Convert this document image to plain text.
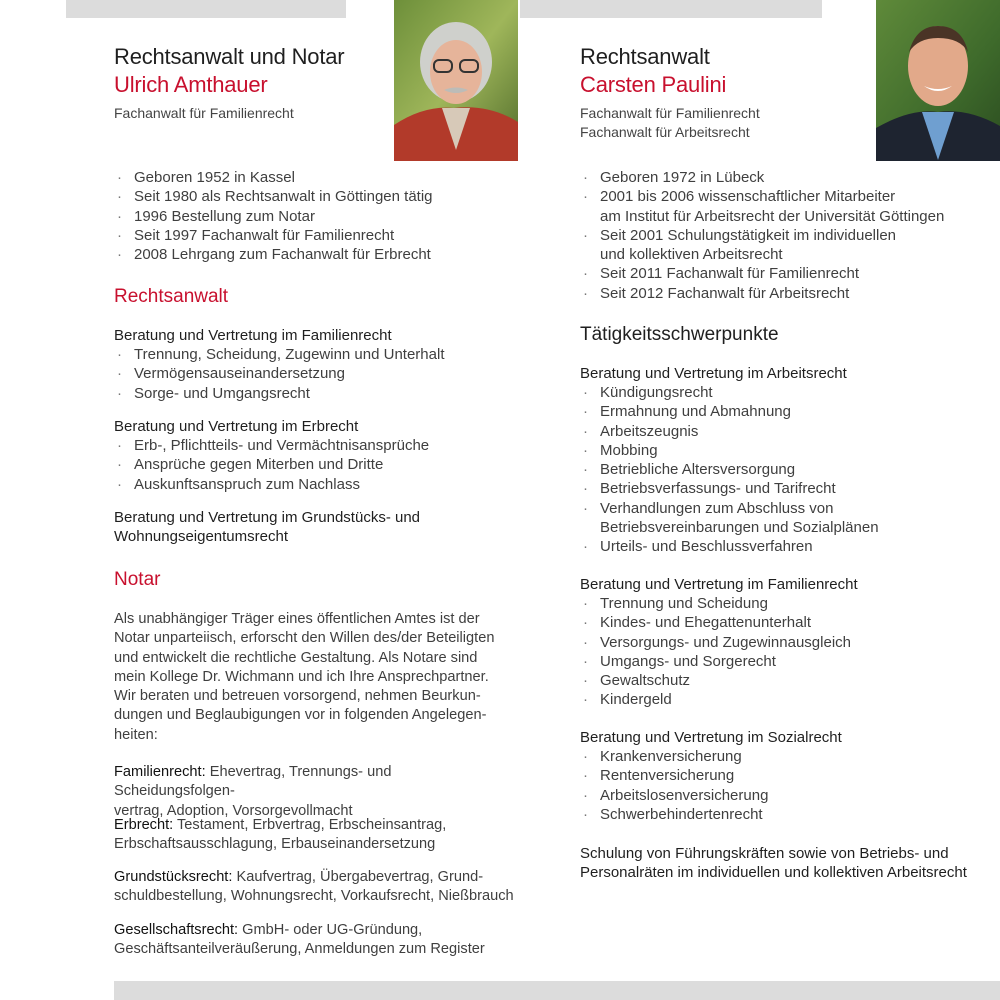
Rechtsanwalt und Notar
Ulrich Amthauer
Fachanwalt für Familienrecht
· Geboren 1952 in Kassel
· Seit 1980 als Rechtsanwalt in Göttingen tätig
· 1996 Bestellung zum Notar
· Seit 1997 Fachanwalt für Familienrecht
· 2008 Lehrgang zum Fachanwalt für Erbrecht
Rechtsanwalt
Beratung und Vertretung im Familienrecht
· Trennung, Scheidung, Zugewinn und Unterhalt
· Vermögensauseinandersetzung
· Sorge- und Umgangsrecht
Beratung und Vertretung im Erbrecht
· Erb-, Pflichtteils- und Vermächtnisansprüche
· Ansprüche gegen Miterben und Dritte
· Auskunftsanspruch zum Nachlass
Beratung und Vertretung im Grundstücks- und
Wohnungseigentumsrecht
Notar
Als unabhängiger Träger eines öffentlichen Amtes ist der
Notar unparteiisch, erforscht den Willen des/der Beteiligten
und entwickelt die rechtliche Gestaltung. Als Notare sind
mein Kollege Dr. Wichmann und ich Ihre Ansprechpartner.
Wir beraten und betreuen vorsorgend, nehmen Beurkun-
dungen und Beglaubigungen vor in folgenden Angelegen-
heiten:
Familienrecht: Ehevertrag, Trennungs- und Scheidungsfolgen-
vertrag, Adoption, Vorsorgevollmacht
Erbrecht: Testament, Erbvertrag, Erbscheinsantrag,
Erbschaftsausschlagung, Erbauseinandersetzung
Grundstücksrecht: Kaufvertrag, Übergabevertrag, Grund-
schuldbestellung, Wohnungsrecht, Vorkaufsrecht, Nießbrauch
Gesellschaftsrecht: GmbH- oder UG-Gründung,
Geschäftsanteilveräußerung, Anmeldungen zum Register
Rechtsanwalt
Carsten Paulini
Fachanwalt für Familienrecht
Fachanwalt für Arbeitsrecht
· Geboren 1972 in Lübeck
· 2001 bis 2006 wissenschaftlicher Mitarbeiter
am Institut für Arbeitsrecht der Universität Göttingen
· Seit 2001 Schulungstätigkeit im individuellen
und kollektiven Arbeitsrecht
· Seit 2011 Fachanwalt für Familienrecht
· Seit 2012 Fachanwalt für Arbeitsrecht
Tätigkeitsschwerpunkte
Beratung und Vertretung im Arbeitsrecht
· Kündigungsrecht
· Ermahnung und Abmahnung
· Arbeitszeugnis
· Mobbing
· Betriebliche Altersversorgung
· Betriebsverfassungs- und Tarifrecht
· Verhandlungen zum Abschluss von
Betriebsvereinbarungen und Sozialplänen
· Urteils- und Beschlussverfahren
Beratung und Vertretung im Familienrecht
· Trennung und Scheidung
· Kindes- und Ehegattenunterhalt
· Versorgungs- und Zugewinnausgleich
· Umgangs- und Sorgerecht
· Gewaltschutz
· Kindergeld
Beratung und Vertretung im Sozialrecht
· Krankenversicherung
· Rentenversicherung
· Arbeitslosenversicherung
· Schwerbehindertenrecht
Schulung von Führungskräften sowie von Betriebs- und
Personalräten im individuellen und kollektiven Arbeitsrecht
